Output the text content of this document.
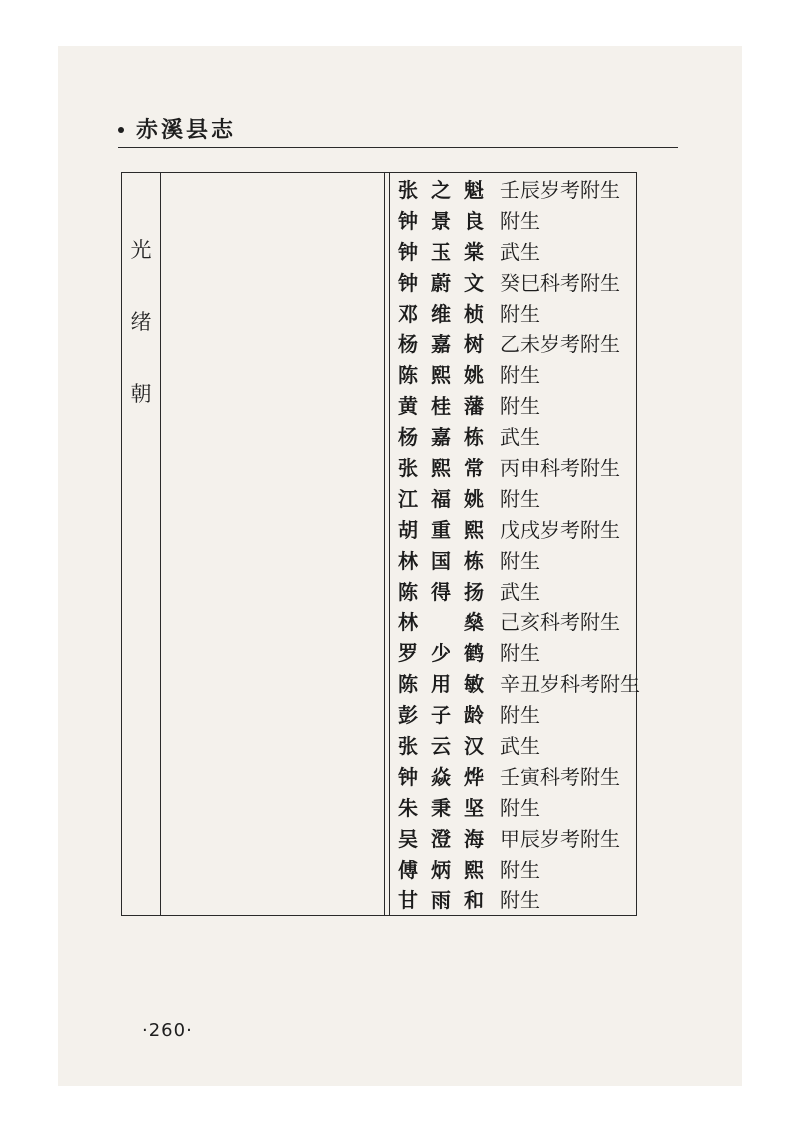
赤溪县志
光
绪
朝
张之魁 壬辰岁考附生
钟景良 附生
钟玉棠 武生
钟蔚文 癸巳科考附生
邓维桢 附生
杨嘉树 乙未岁考附生
陈熙姚 附生
黄桂藩 附生
杨嘉栋 武生
张熙常 丙申科考附生
江福姚 附生
胡重熙 戊戌岁考附生
林国栋 附生
陈得扬 武生
林　燊 己亥科考附生
罗少鹤 附生
陈用敏 辛丑岁科考附生
彭子龄 附生
张云汉 武生
钟焱烨 壬寅科考附生
朱秉坚 附生
吴澄海 甲辰岁考附生
傅炳熙 附生
甘雨和 附生
·260·
